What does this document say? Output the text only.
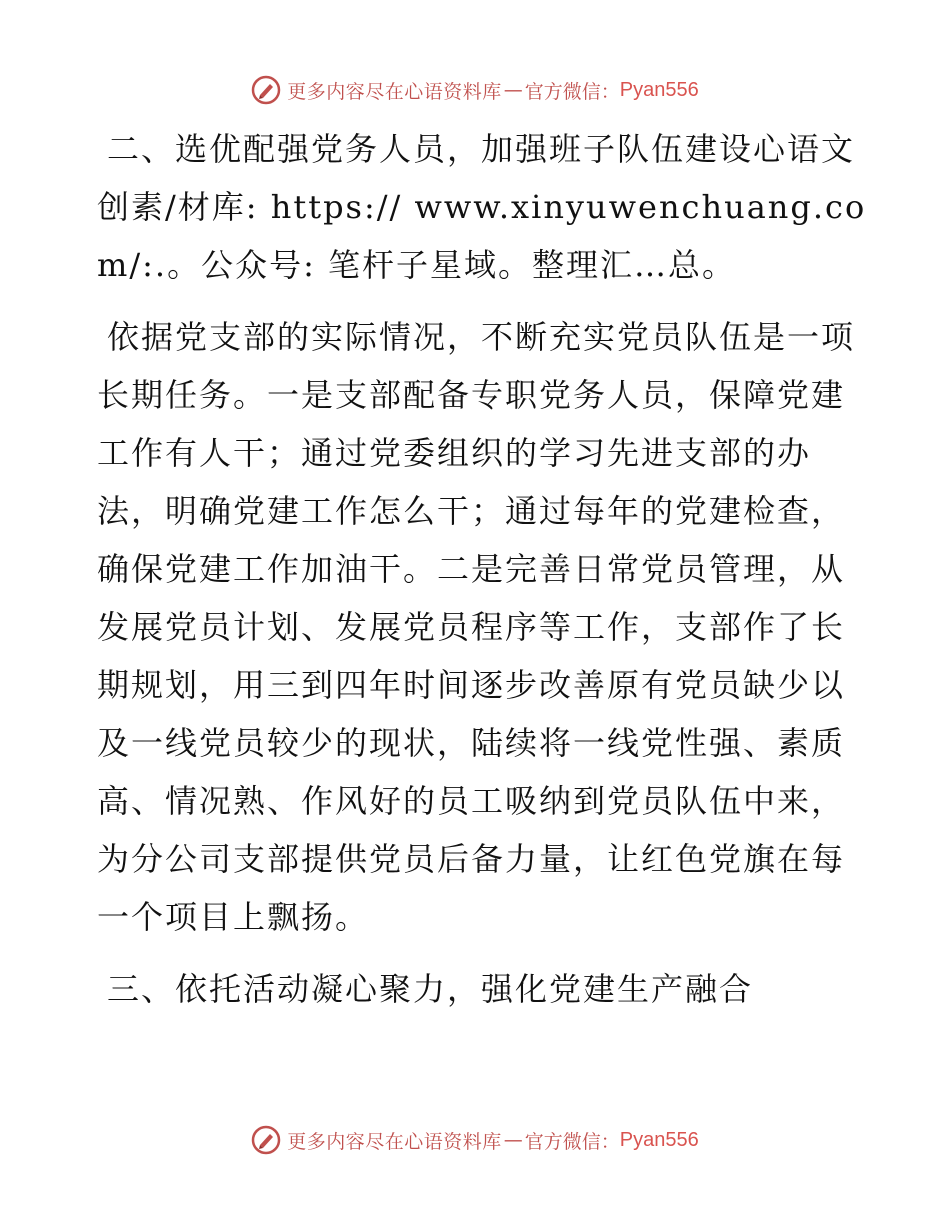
更多内容尽在心语资料库 — 官方微信： Pyan556

二、选优配强党务人员，加强班子队伍建设心语文创素/材库: https:// www.xinyuwenchuang.com/:.。公众号: 笔杆子星域。整理汇…总。

依据党支部的实际情况，不断充实党员队伍是一项长期任务。一是支部配备专职党务人员，保障党建工作有人干；通过党委组织的学习先进支部的办法，明确党建工作怎么干；通过每年的党建检查，确保党建工作加油干。二是完善日常党员管理，从发展党员计划、发展党员程序等工作，支部作了长期规划，用三到四年时间逐步改善原有党员缺少以及一线党员较少的现状，陆续将一线党性强、素质高、情况熟、作风好的员工吸纳到党员队伍中来，为分公司支部提供党员后备力量，让红色党旗在每一个项目上飘扬。

三、依托活动凝心聚力，强化党建生产融合

更多内容尽在心语资料库 — 官方微信： Pyan556
